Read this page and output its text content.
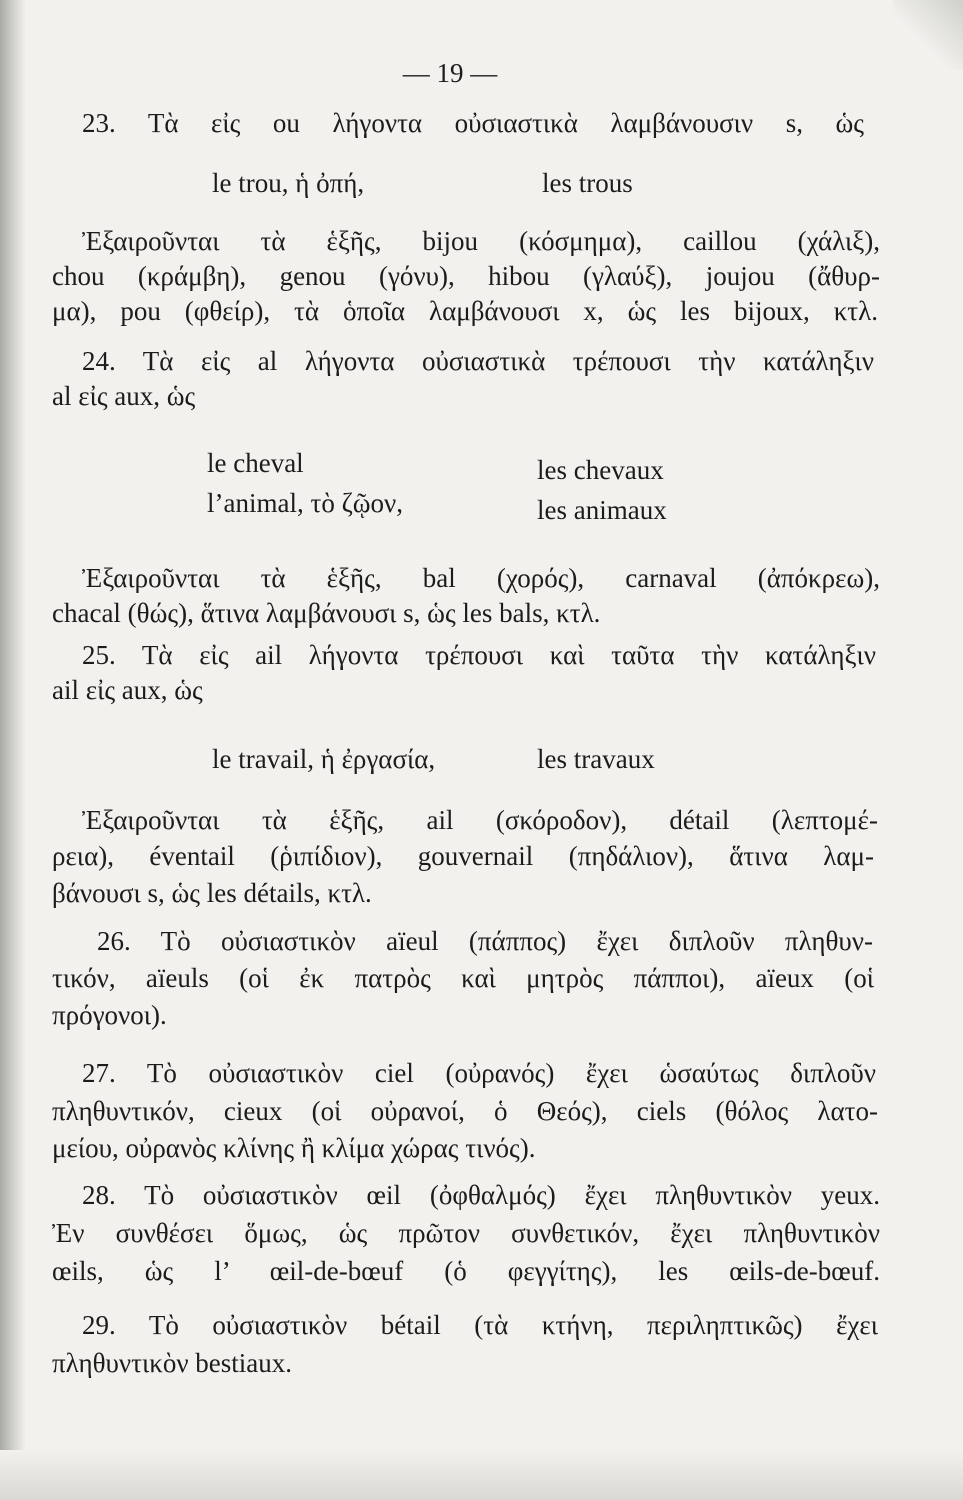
— 19 —
23. Τὰ εἰς ou λήγοντα οὐσιαστικὰ λαμβάνουσιν s, ὡς
le trou, ἡ ὀπή,	les trous
Ἐξαιροῦνται τὰ ἑξῆς, bijou (κόσμημα), caillou (χάλιξ),
chou (κράμβη), genou (γόνυ), hibou (γλαύξ), joujou (ἄθυρ-
μα), pou (φθείρ), τὰ ὁποῖα λαμβάνουσι x, ὡς les bijoux, κτλ.
24. Τὰ εἰς al λήγοντα οὐσιαστικὰ τρέπουσι τὴν κατάληξιν
al εἰς aux, ὡς
le cheval	les chevaux
l’animal, τὸ ζῷον,	les animaux
Ἐξαιροῦνται τὰ ἑξῆς, bal (χορός), carnaval (ἀπόκρεω),
chacal (θώς), ἅτινα λαμβάνουσι s, ὡς les bals, κτλ.
25. Τὰ εἰς ail λήγοντα τρέπουσι καὶ ταῦτα τὴν κατάληξιν
ail εἰς aux, ὡς
le travail, ἡ ἐργασία,	les travaux
Ἐξαιροῦνται τὰ ἑξῆς, ail (σκόροδον), détail (λεπτομέ-
ρεια), éventail (ῥιπίδιον), gouvernail (πηδάλιον), ἅτινα λαμ-
βάνουσι s, ὡς les détails, κτλ.
26. Τὸ οὐσιαστικὸν aïeul (πάππος) ἔχει διπλοῦν πληθυν-
τικόν, aïeuls (οἱ ἐκ πατρὸς καὶ μητρὸς πάπποι), aïeux (οἱ
πρόγονοι).
27. Τὸ οὐσιαστικὸν ciel (οὐρανός) ἔχει ὡσαύτως διπλοῦν
πληθυντικόν, cieux (οἱ οὐρανοί, ὁ Θεός), ciels (θόλος λατο-
μείου, οὐρανὸς κλίνης ἢ κλίμα χώρας τινός).
28. Τὸ οὐσιαστικὸν œil (ὀφθαλμός) ἔχει πληθυντικὸν yeux.
Ἐν συνθέσει ὅμως, ὡς πρῶτον συνθετικόν, ἔχει πληθυντικὸν
œils, ὡς l’ œil-de-bœuf (ὁ φεγγίτης), les œils-de-bœuf.
29. Τὸ οὐσιαστικὸν bétail (τὰ κτήνη, περιληπτικῶς) ἔχει
πληθυντικὸν bestiaux.
